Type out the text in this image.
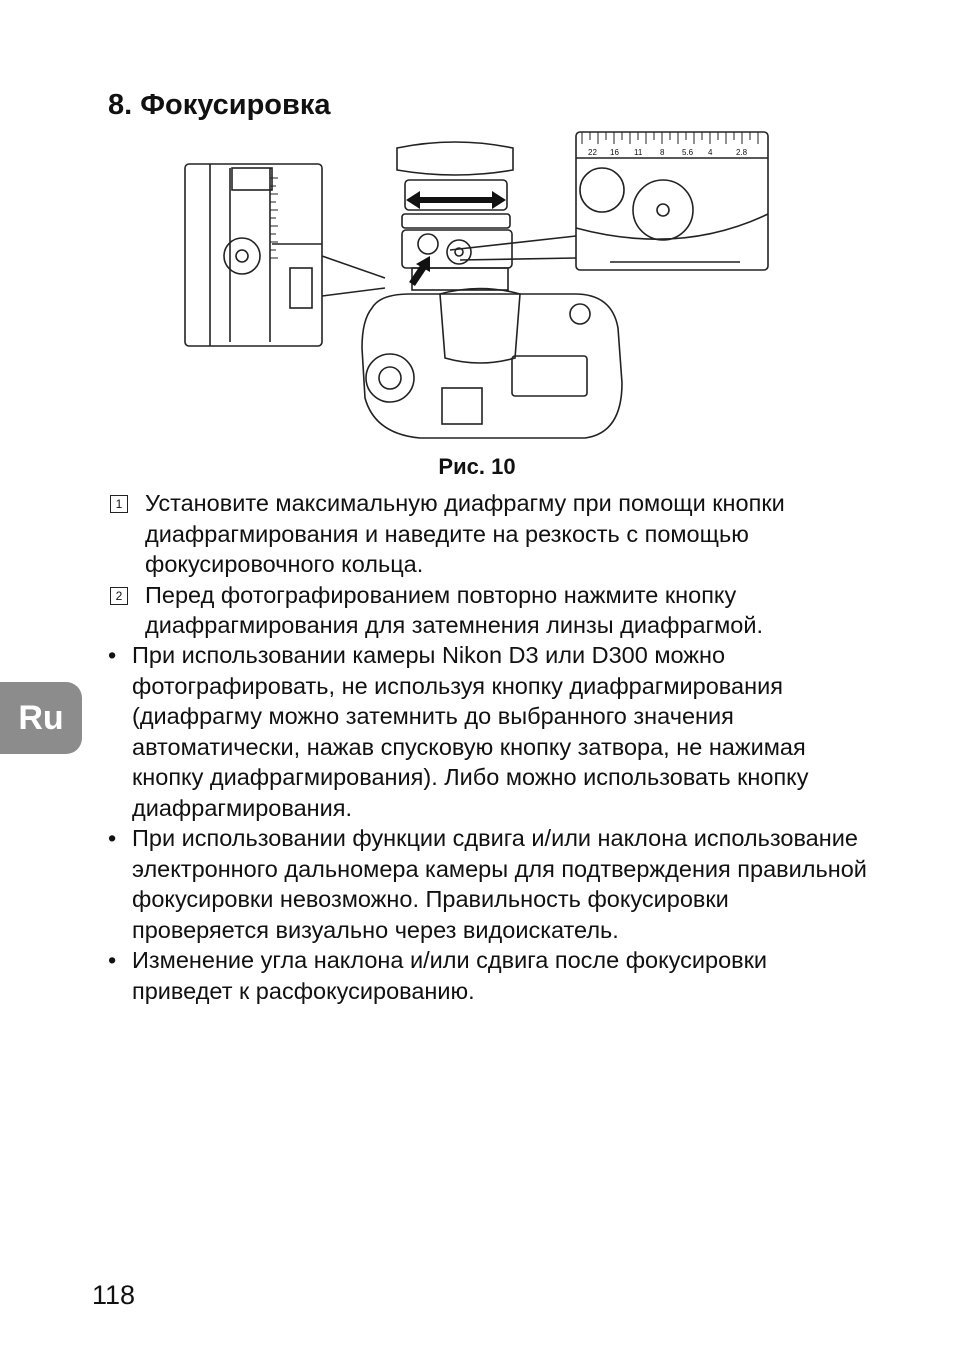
8. Фокусировка
22 16 11 8 5.6 4	2.8
Рис. 10
1 Установите максимальную диафрагму при помощи кнопки диафрагмирования и наведите на резкость с помощью фокусировочного кольца.
2 Перед фотографированием повторно нажмите кнопку диафрагмирования для затемнения линзы диафрагмой.
• При использовании камеры Nikon D3 или D300 можно фотографировать, не используя кнопку диафрагмирования (диафрагму можно затемнить до выбранного значения автоматически, нажав спусковую кнопку затвора, не нажимая кнопку диафрагмирования). Либо можно использовать кнопку диафрагмирования.
• При использовании функции сдвига и/или наклона использование электронного дальномера камеры для подтверждения правильной фокусировки невозможно. Правильность фокусировки проверяется визуально через видоискатель.
• Изменение угла наклона и/или сдвига после фокусировки приведет к расфокусированию.
Ru
118
